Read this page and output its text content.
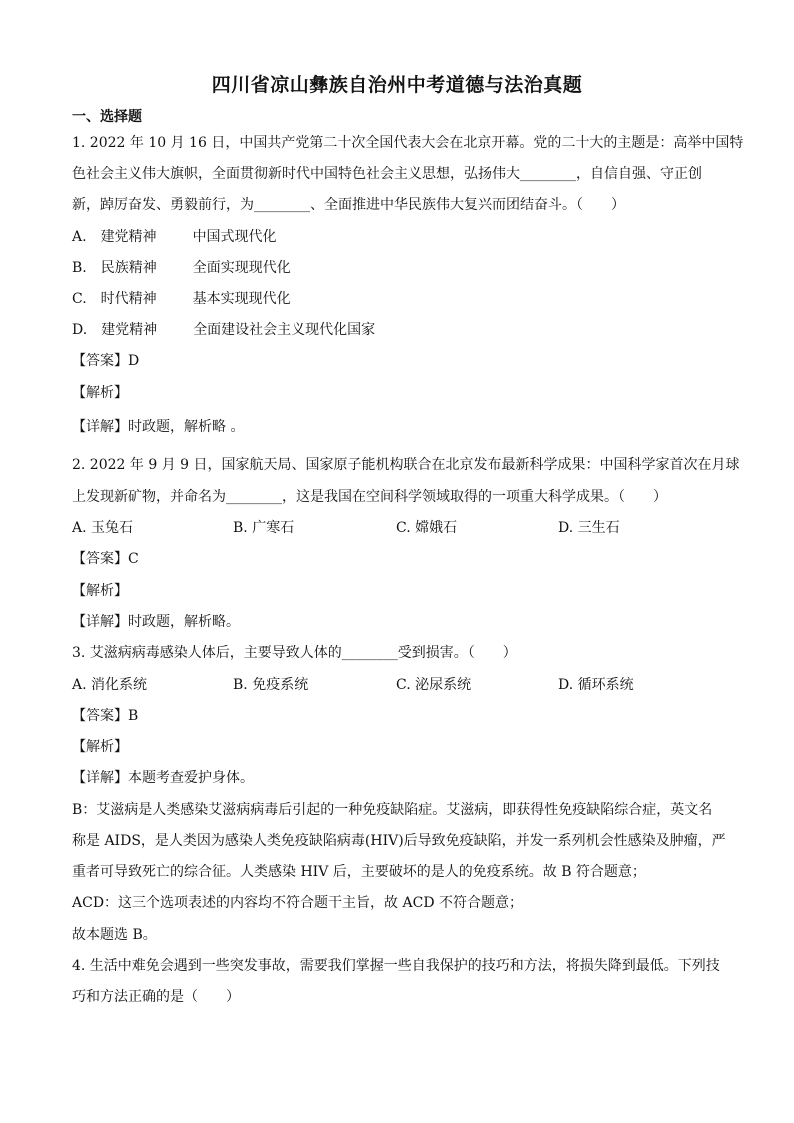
四川省凉山彝族自治州中考道德与法治真题
一、选择题
1. 2022 年 10 月 16 日，中国共产党第二十次全国代表大会在北京开幕。党的二十大的主题是：高举中国特
色社会主义伟大旗帜，全面贯彻新时代中国特色社会主义思想，弘扬伟大________，自信自强、守正创
新，踔厉奋发、勇毅前行，为________、全面推进中华民族伟大复兴而团结奋斗。（　　）
A. 建党精神	中国式现代化
B. 民族精神	全面实现现代化
C. 时代精神	基本实现现代化
D. 建党精神	全面建设社会主义现代化国家
【答案】D
【解析】
【详解】时政题，解析略 。
2. 2022 年 9 月 9 日，国家航天局、国家原子能机构联合在北京发布最新科学成果：中国科学家首次在月球
上发现新矿物，并命名为________，这是我国在空间科学领域取得的一项重大科学成果。（　　）
A. 玉兔石	B. 广寒石	C. 嫦娥石	D. 三生石
【答案】C
【解析】
【详解】时政题，解析略。
3. 艾滋病病毒感染人体后，主要导致人体的________受到损害。（　　）
A. 消化系统	B. 免疫系统	C. 泌尿系统	D. 循环系统
【答案】B
【解析】
【详解】本题考查爱护身体。
B：艾滋病是人类感染艾滋病病毒后引起的一种免疫缺陷症。艾滋病，即获得性免疫缺陷综合症，英文名
称是 AIDS，是人类因为感染人类免疫缺陷病毒(HIV)后导致免疫缺陷，并发一系列机会性感染及肿瘤，严
重者可导致死亡的综合征。人类感染 HIV 后，主要破坏的是人的免疫系统。故 B 符合题意；
ACD：这三个选项表述的内容均不符合题干主旨，故 ACD 不符合题意；
故本题选 B。
4. 生活中难免会遇到一些突发事故，需要我们掌握一些自我保护的技巧和方法，将损失降到最低。下列技
巧和方法正确的是（　　）
